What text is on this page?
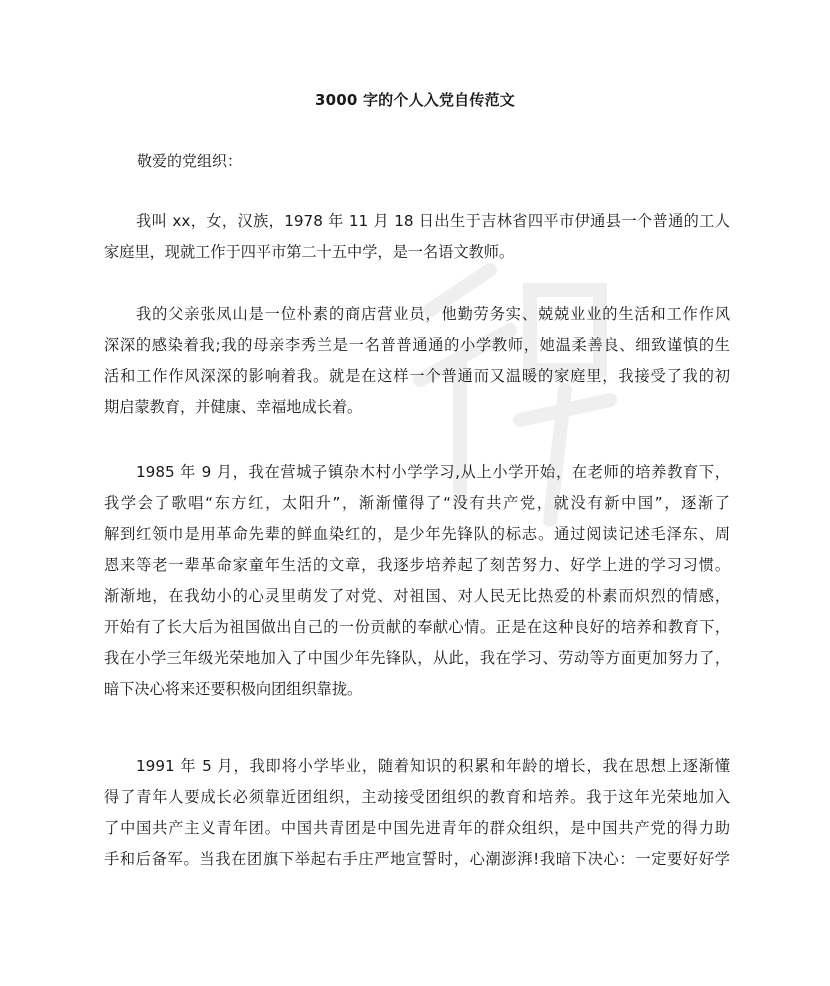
3000 字的个人入党自传范文
敬爱的党组织：

我叫 xx，女，汉族，1978 年 11 月 18 日出生于吉林省四平市伊通县一个普通的工人
家庭里，现就工作于四平市第二十五中学，是一名语文教师。

我的父亲张凤山是一位朴素的商店营业员，他勤劳务实、兢兢业业的生活和工作作风
深深的感染着我;我的母亲李秀兰是一名普普通通的小学教师，她温柔善良、细致谨慎的生
活和工作作风深深的影响着我。就是在这样一个普通而又温暖的家庭里，我接受了我的初
期启蒙教育，并健康、幸福地成长着。

1985 年 9 月，我在营城子镇杂木村小学学习,从上小学开始，在老师的培养教育下，
我学会了歌唱“东方红，太阳升”，渐渐懂得了“没有共产党，就没有新中国”，逐渐了
解到红领巾是用革命先辈的鲜血染红的，是少年先锋队的标志。通过阅读记述毛泽东、周
恩来等老一辈革命家童年生活的文章，我逐步培养起了刻苦努力、好学上进的学习习惯。
渐渐地，在我幼小的心灵里萌发了对党、对祖国、对人民无比热爱的朴素而炽烈的情感，
开始有了长大后为祖国做出自己的一份贡献的奉献心情。正是在这种良好的培养和教育下，
我在小学三年级光荣地加入了中国少年先锋队，从此，我在学习、劳动等方面更加努力了，
暗下决心将来还要积极向团组织靠拢。

1991 年 5 月，我即将小学毕业，随着知识的积累和年龄的增长，我在思想上逐渐懂
得了青年人要成长必须靠近团组织，主动接受团组织的教育和培养。我于这年光荣地加入
了中国共产主义青年团。中国共青团是中国先进青年的群众组织，是中国共产党的得力助
手和后备军。当我在团旗下举起右手庄严地宣誓时，心潮澎湃!我暗下决心：一定要好好学
